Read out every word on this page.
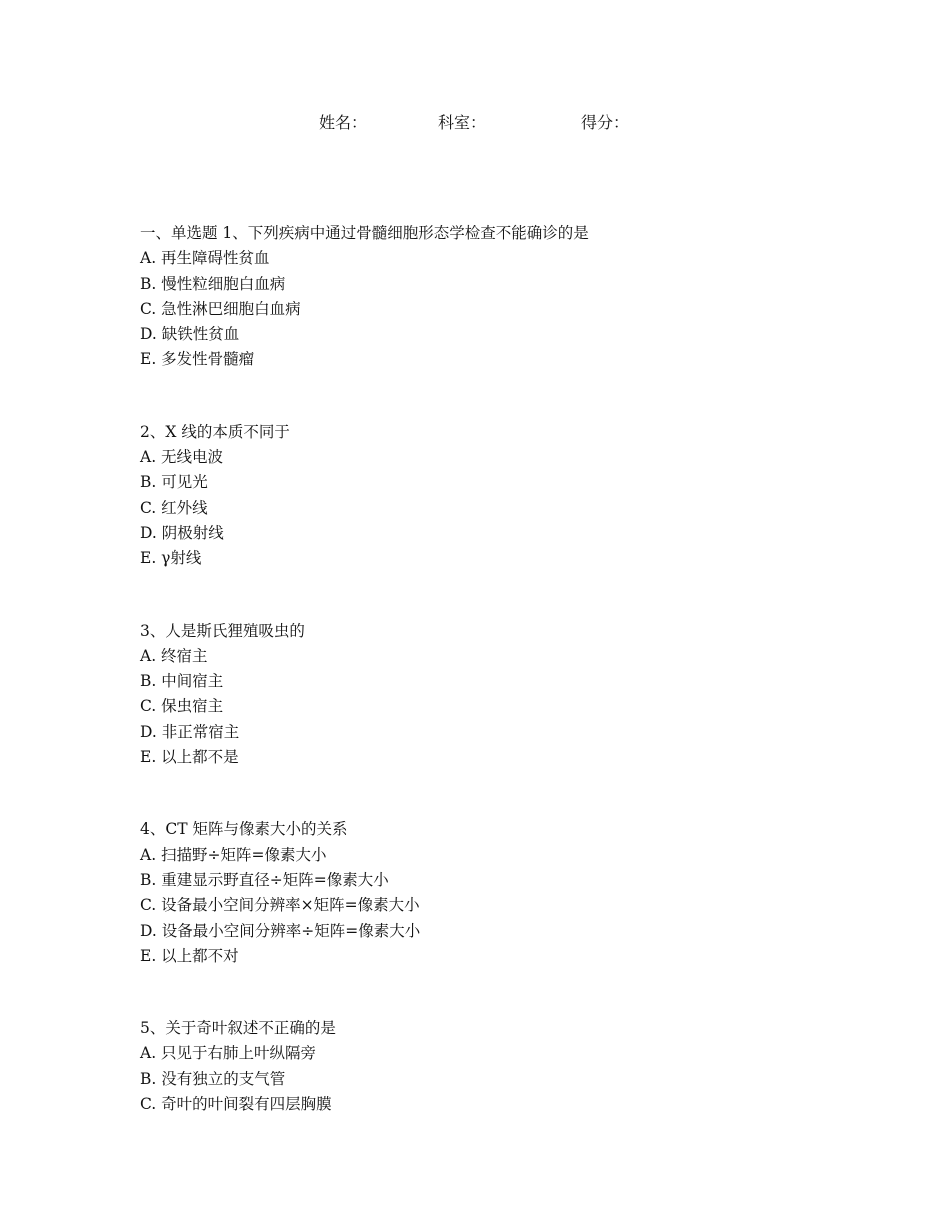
姓名：	科室：	得分：
一、单选题 1、下列疾病中通过骨髓细胞形态学检查不能确诊的是
A. 再生障碍性贫血
B. 慢性粒细胞白血病
C. 急性淋巴细胞白血病
D. 缺铁性贫血
E. 多发性骨髓瘤
2、X 线的本质不同于
A. 无线电波
B. 可见光
C. 红外线
D. 阴极射线
E. γ射线
3、人是斯氏狸殖吸虫的
A. 终宿主
B. 中间宿主
C. 保虫宿主
D. 非正常宿主
E. 以上都不是
4、CT 矩阵与像素大小的关系
A. 扫描野÷矩阵=像素大小
B. 重建显示野直径÷矩阵=像素大小
C. 设备最小空间分辨率×矩阵=像素大小
D. 设备最小空间分辨率÷矩阵=像素大小
E. 以上都不对
5、关于奇叶叙述不正确的是
A. 只见于右肺上叶纵隔旁
B. 没有独立的支气管
C. 奇叶的叶间裂有四层胸膜
